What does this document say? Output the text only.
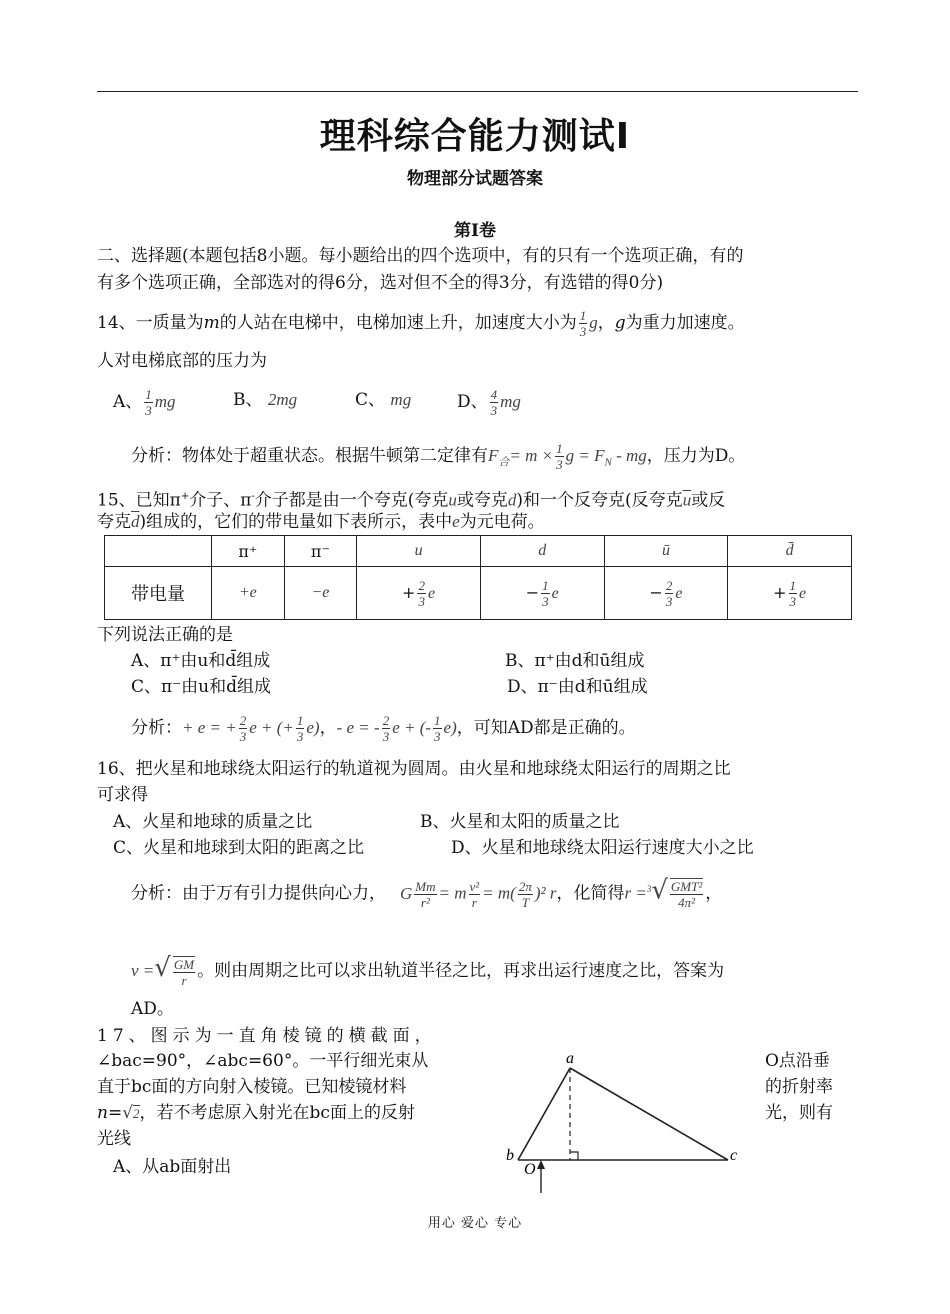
理科综合能力测试Ⅰ
物理部分试题答案
第Ⅰ卷
二、选择题(本题包括8小题。每小题给出的四个选项中，有的只有一个选项正确，有的
有多个选项正确，全部选对的得6分，选对但不全的得3分，有选错的得0分)
14、一质量为m的人站在电梯中，电梯加速上升，加速度大小为 $\frac{1}{3}$ g，g为重力加速度。
人对电梯底部的压力为
A、 $\frac{1}{3}$ mg	B、 2mg	C、 mg	D、 $\frac{4}{3}$ mg
分析：物体处于超重状态。根据牛顿第二定律有$F_合= m \times \frac{1}{3}$ $g = F_N$ - mg，压力为D。
15、已知π+介子、π-介子都是由一个夸克(夸克u或夸克d)和一个反夸克(反夸克$\overline{u}$或反
夸克$\overline{d}$)组成的，它们的带电量如下表所示，表中e为元电荷。
	π⁺	π⁻	u	d	ū	d̄
带电量	+e	−e	+ $\frac{2}{3}$ e	− $\frac{1}{3}$ e	− $\frac{2}{3}$ e	+ $\frac{1}{3}$ e
下列说法正确的是
A、π⁺由u和d̄组成	B、π⁺由d和ū组成
C、π⁻由u和d̄组成	D、π⁻由d和ū组成
分析：+ e = + $\frac{2}{3}$ e + (+ $\frac{1}{3} e$)，- e = - $\frac{2}{3}$ e + (- $\frac{1}{3} e$)，可知AD都是正确的。
16、把火星和地球绕太阳运行的轨道视为圆周。由火星和地球绕太阳运行的周期之比
可求得
A、火星和地球的质量之比	B、火星和太阳的质量之比
C、火星和地球到太阳的距离之比	D、火星和地球绕太阳运行速度大小之比
分析：由于万有引力提供向心力， G $\frac{Mm}{\text{r²}} = m \frac{\text{v²}}{r} = m( \frac{2\pi}{T} )^2$ r，化简得$r =^3√ \frac{\text{GMT²}}{\text{4π²}}$ ，
v =√ $\frac{GM}{r}$ 。则由周期之比可以求出轨道半径之比，再求出运行速度之比，答案为
AD。
17、图示为一直角棱镜的横截面，
O点沿垂
∠bac=90°，∠abc=60°。一平行细光束从
的折射率
直于bc面的方向射入棱镜。已知棱镜材料
光，则有
n=√2，若不考虑原入射光在bc面上的反射
光线
A、从ab面射出
a
b	c
O
用心 爱心 专心
